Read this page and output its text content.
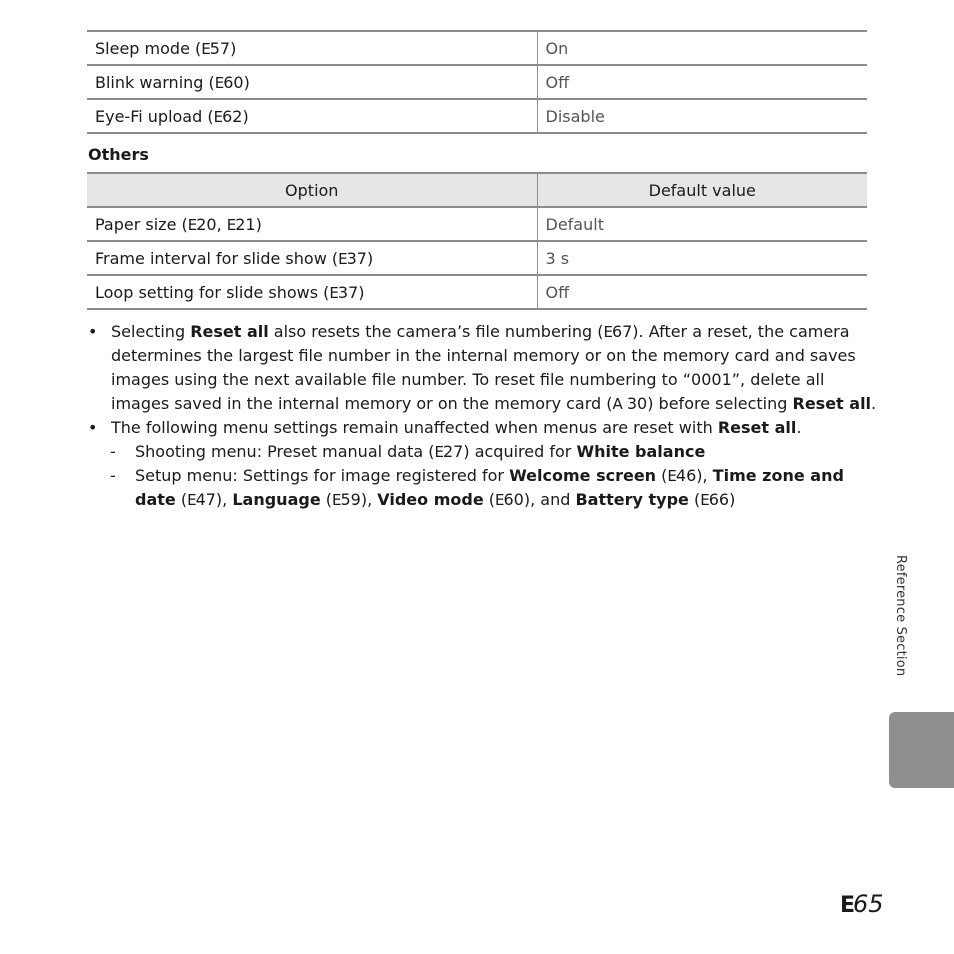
Sleep mode (E57)	On
Blink warning (E60)	Off
Eye-Fi upload (E62)	Disable
Others
Option	Default value
Paper size (E20, E21)	Default
Frame interval for slide show (E37)	3 s
Loop setting for slide shows (E37)	Off
• Selecting Reset all also resets the camera’s file numbering (E67). After a reset, the camera determines the largest file number in the internal memory or on the memory card and saves images using the next available file number. To reset file numbering to “0001”, delete all images saved in the internal memory or on the memory card (A 30) before selecting Reset all.
• The following menu settings remain unaffected when menus are reset with Reset all.
- Shooting menu: Preset manual data (E27) acquired for White balance
- Setup menu: Settings for image registered for Welcome screen (E46), Time zone and date (E47), Language (E59), Video mode (E60), and Battery type (E66)
Reference Section
E65
